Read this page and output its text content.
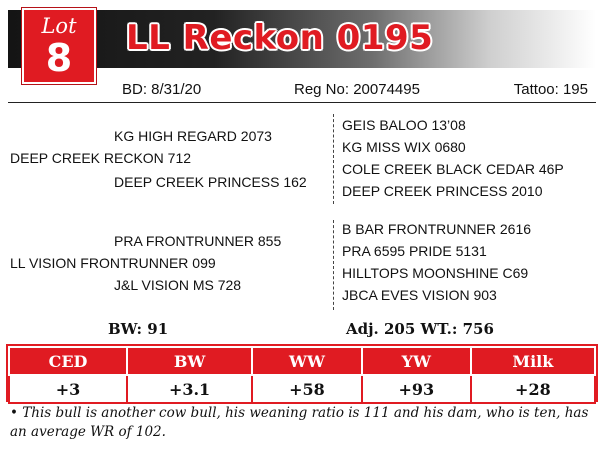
Lot
8	LL Reckon 0195
BD: 8/31/20	Reg No: 20074495	Tattoo: 195
KG HIGH REGARD 2073
DEEP CREEK RECKON 712
DEEP CREEK PRINCESS 162
GEIS BALOO 13’08
KG MISS WIX 0680
COLE CREEK BLACK CEDAR 46P
DEEP CREEK PRINCESS 2010
PRA FRONTRUNNER 855
LL VISION FRONTRUNNER 099
J&L VISION MS 728
B BAR FRONTRUNNER 2616
PRA 6595 PRIDE 5131
HILLTOPS MOONSHINE C69
JBCA EVES VISION 903
BW: 91	Adj. 205 WT.: 756
CED	BW	WW	YW	Milk
+3	+3.1	+58	+93	+28
• This bull is another cow bull, his weaning ratio is 111 and his dam, who is ten, has an average WR of 102.
